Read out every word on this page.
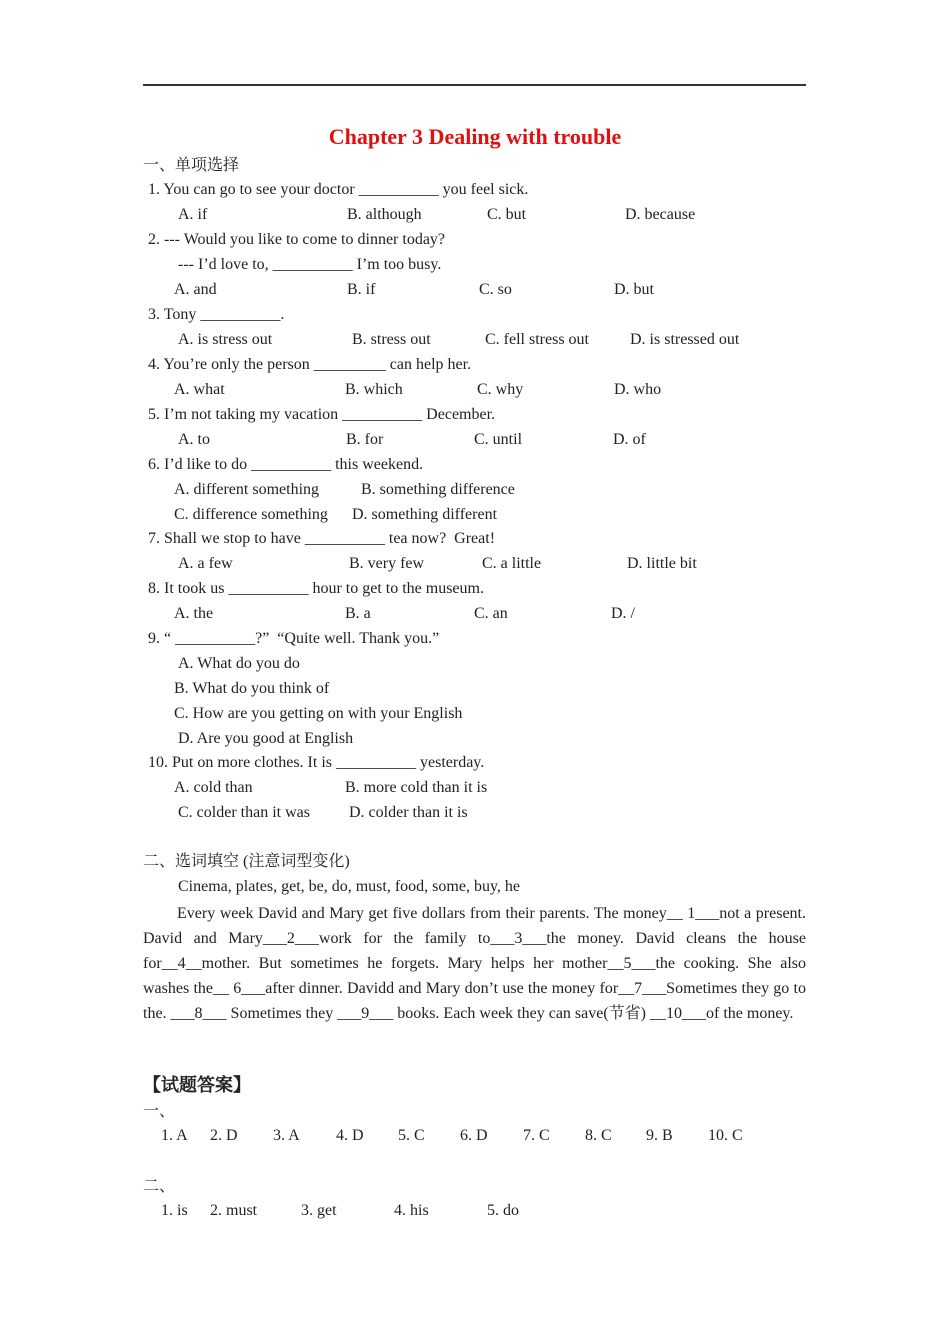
Chapter 3 Dealing with trouble
一、单项选择
1. You can go to see your doctor __________ you feel sick.
A. if	B. although	C. but	D. because
2. --- Would you like to come to dinner today?
--- I’d love to, __________ I’m too busy.
A. and	B. if	C. so	D. but
3. Tony __________.
A. is stress out	B. stress out	C. fell stress out	D. is stressed out
4. You’re only the person _________ can help her.
A. what	B. which	C. why	D. who
5. I’m not taking my vacation __________ December.
A. to	B. for	C. until	D. of
6. I’d like to do __________ this weekend.
A. different something	B. something difference
C. difference something D. something different
7. Shall we stop to have __________ tea now?  Great!
A. a few	B. very few	C. a little	D. little bit
8. It took us __________ hour to get to the museum.
A. the	B. a	C. an	D. /
9. “ __________?”  “Quite well. Thank you.”
A. What do you do
B. What do you think of
C. How are you getting on with your English
D. Are you good at English
10. Put on more clothes. It is __________ yesterday.
A. cold than	B. more cold than it is
C. colder than it was D. colder than it is
二、选词填空 (注意词型变化)
Cinema, plates, get, be, do, must, food, some, buy, he
Every week David and Mary get five dollars from their parents. The money__ 1___not a present. David and Mary___2___work for the family to___3___the money. David cleans the house for__4__mother. But sometimes he forgets. Mary helps her mother__5___the cooking. She also washes the__ 6___after dinner. Davidd and Mary don’t use the money for__7___Sometimes they go to the. ___8___ Sometimes they ___9___ books. Each week they can save(节省) __10___of the money.
【试题答案】
一、
1. A 2. D 3. A 4. D 5. C 6. D 7. C 8. C 9. B 10. C
二、
1. is 2. must	3. get	4. his	5. do
